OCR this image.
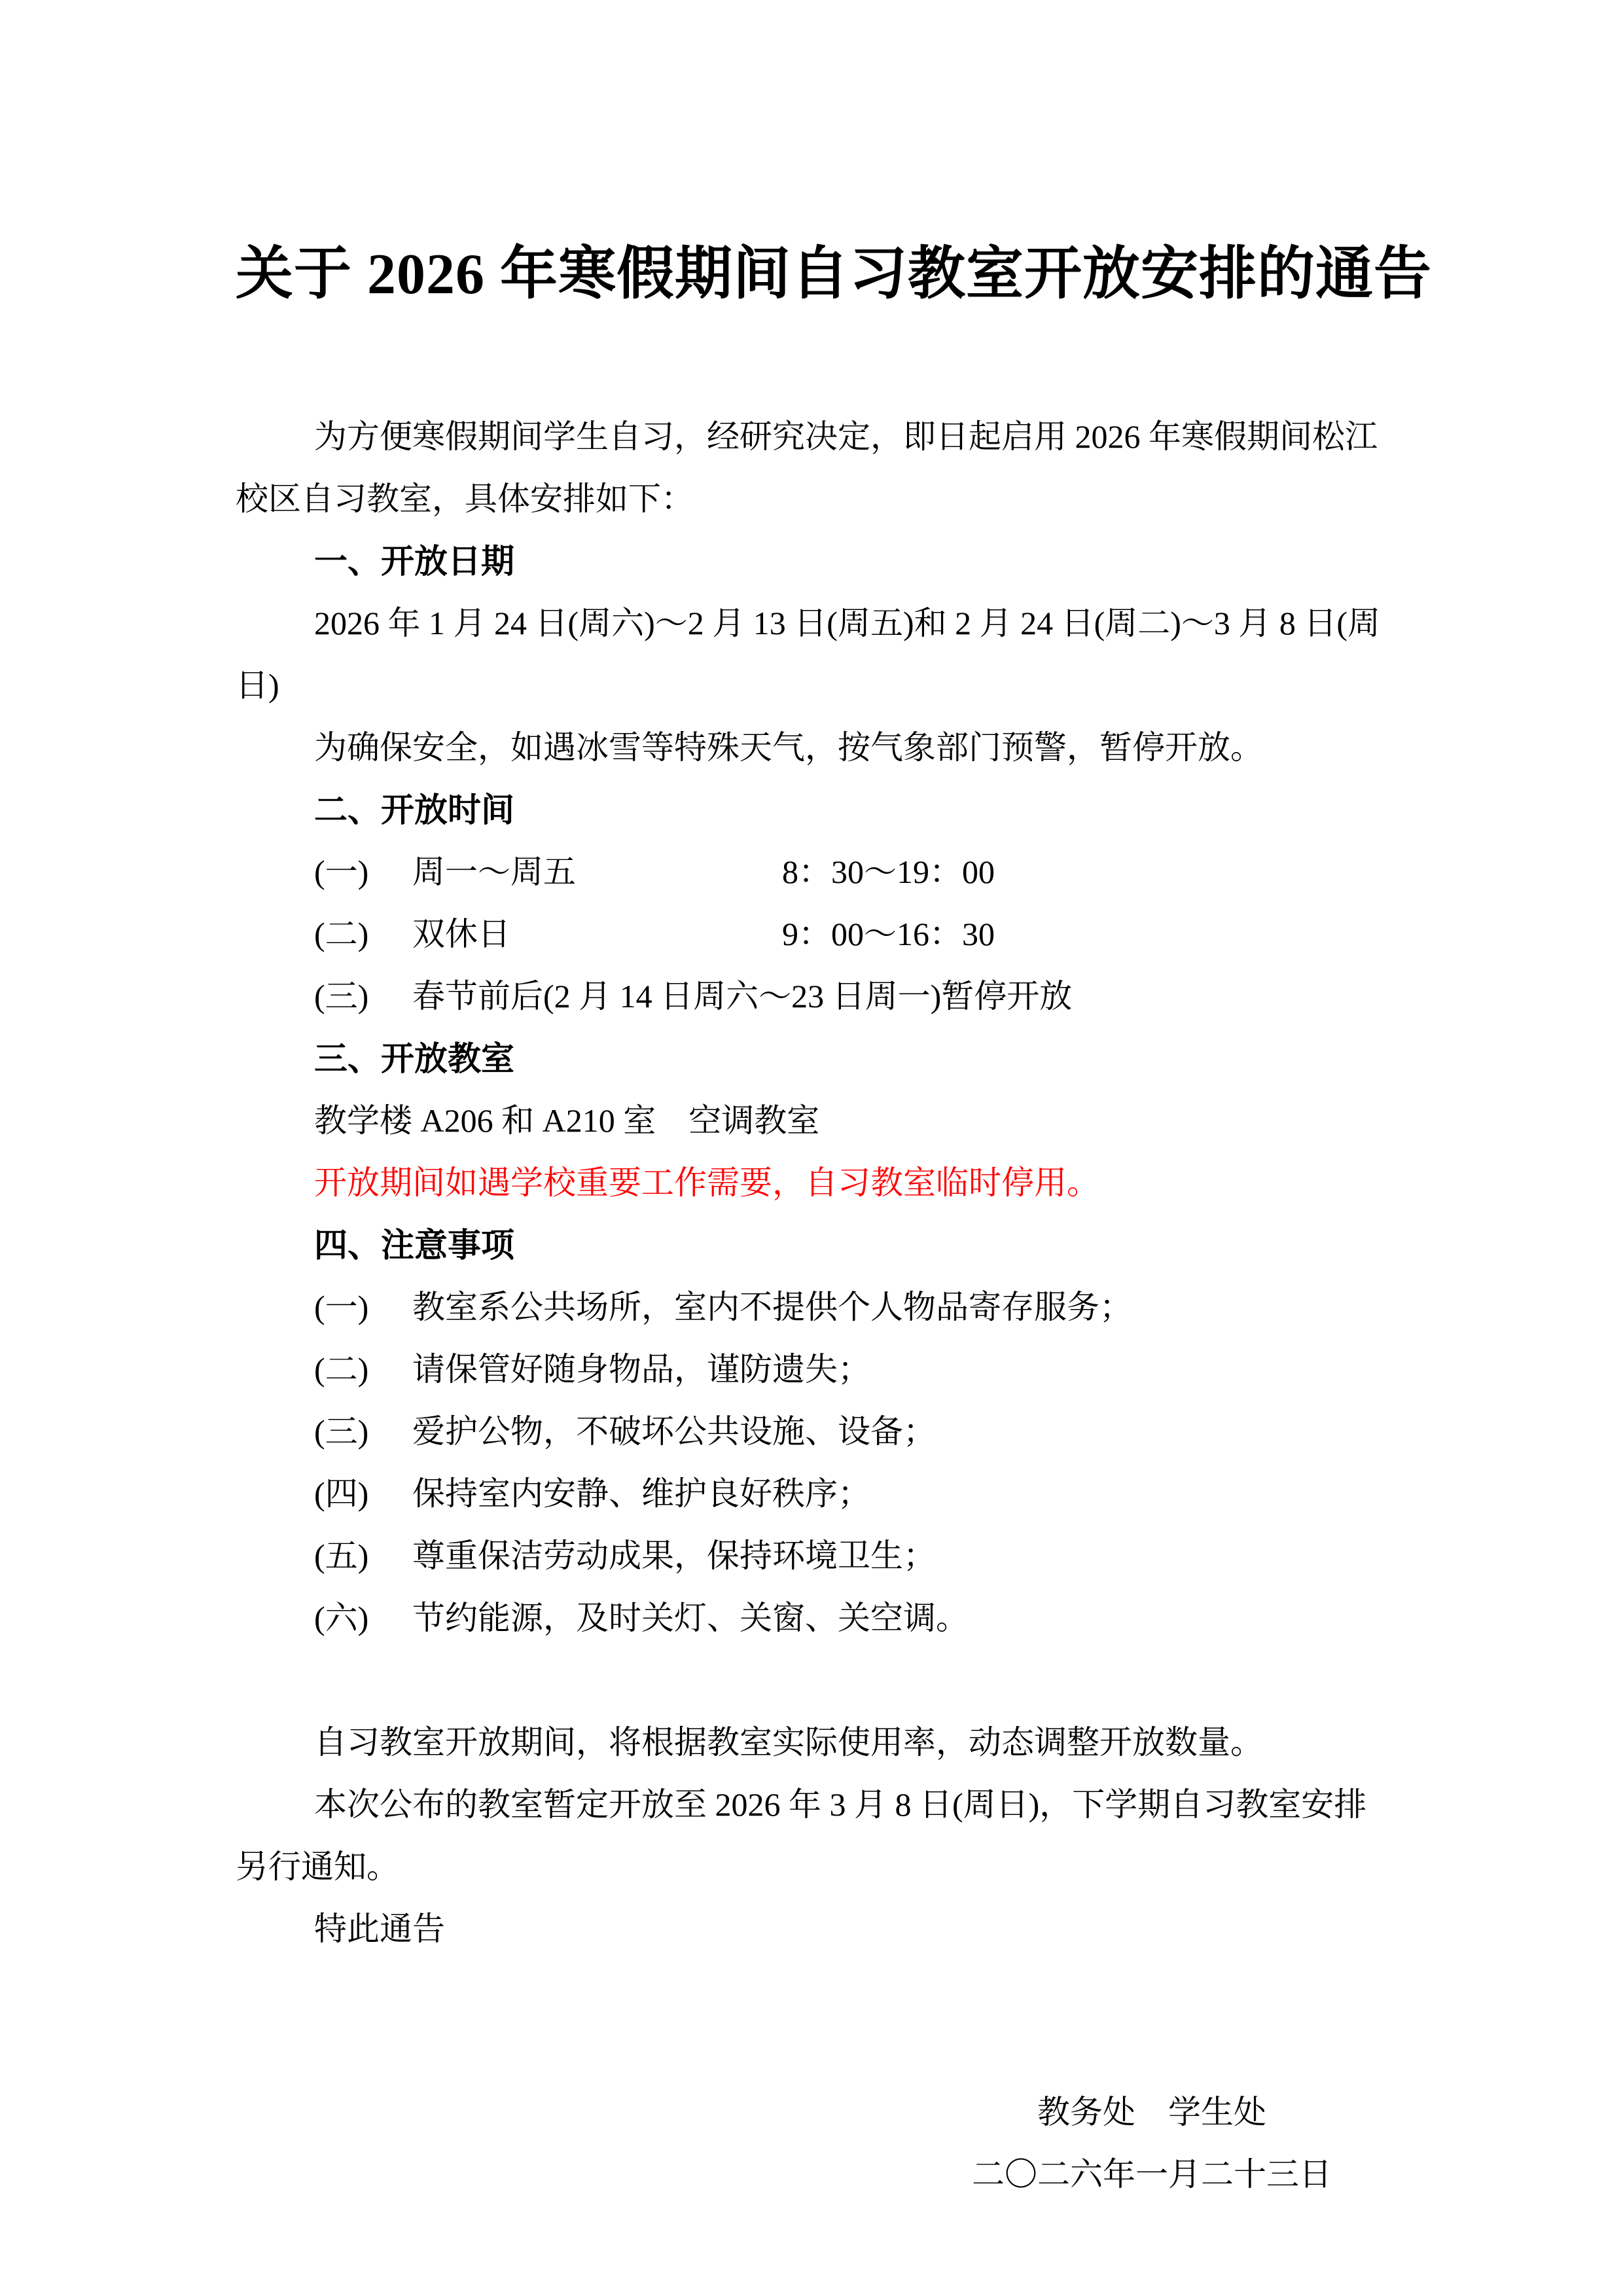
关于 2026 年寒假期间自习教室开放安排的通告
为方便寒假期间学生自习，经研究决定，即日起启用 2026 年寒假期间松江
校区自习教室，具体安排如下：
一、开放日期
2026 年 1 月 24 日(周六)～2 月 13 日(周五)和 2 月 24 日(周二)～3 月 8 日(周
日)
为确保安全，如遇冰雪等特殊天气，按气象部门预警，暂停开放。
二、开放时间
(一) 周一～周五	8：30～19：00
(二) 双休日	9：00～16：30
(三) 春节前后(2 月 14 日周六～23 日周一)暂停开放
三、开放教室
教学楼 A206 和 A210 室　空调教室
开放期间如遇学校重要工作需要，自习教室临时停用。
四、注意事项
(一) 教室系公共场所，室内不提供个人物品寄存服务；
(二) 请保管好随身物品，谨防遗失；
(三) 爱护公物，不破坏公共设施、设备；
(四) 保持室内安静、维护良好秩序；
(五) 尊重保洁劳动成果，保持环境卫生；
(六) 节约能源，及时关灯、关窗、关空调。
自习教室开放期间，将根据教室实际使用率，动态调整开放数量。
本次公布的教室暂定开放至 2026 年 3 月 8 日(周日)，下学期自习教室安排
另行通知。
特此通告
教务处　学生处
二〇二六年一月二十三日
